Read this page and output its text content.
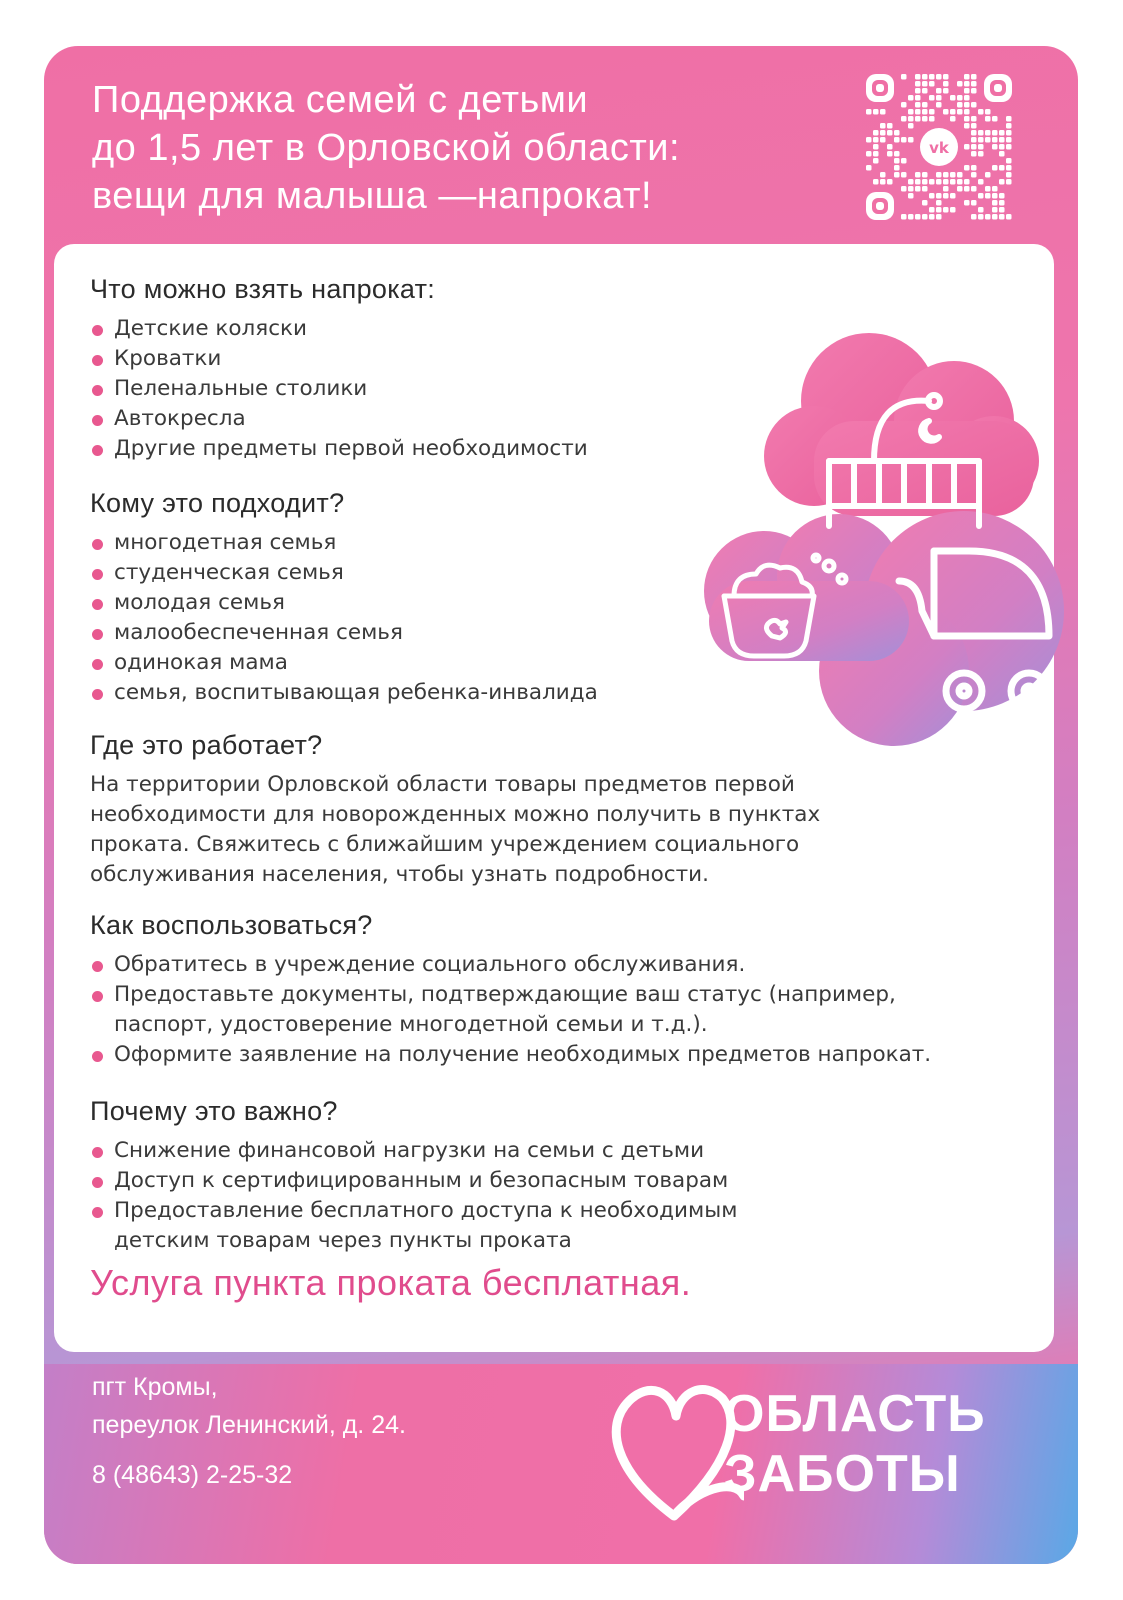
Поддержка семей с детьми
до 1,5 лет в Орловской области:
вещи для малыша —напрокат!
vk
Что можно взять напрокат:
Детские коляски
Кроватки
Пеленальные столики
Автокресла
Другие предметы первой необходимости
Кому это подходит?
многодетная семья
студенческая семья
молодая семья
малообеспеченная семья
одинокая мама
семья, воспитывающая ребенка-инвалида
Где это работает?

На территории Орловской области товары предметов первой
необходимости для новорожденных можно получить в пунктах
проката. Свяжитесь с ближайшим учреждением социального
обслуживания населения, чтобы узнать подробности.

Как воспользоваться?
Обратитесь в учреждение социального обслуживания.
Предоставьте документы, подтверждающие ваш статус (например,
паспорт, удостоверение многодетной семьи и т.д.).
Оформите заявление на получение необходимых предметов напрокат.
Почему это важно?
Снижение финансовой нагрузки на семьи с детьми
Доступ к сертифицированным и безопасным товарам
Предоставление бесплатного доступа к необходимым
детским товарам через пункты проката
Услуга пункта проката бесплатная.
пгт Кромы,
переулок Ленинский, д. 24.
8 (48643) 2-25-32
ОБЛАСТЬ
ЗАБОТЫ
